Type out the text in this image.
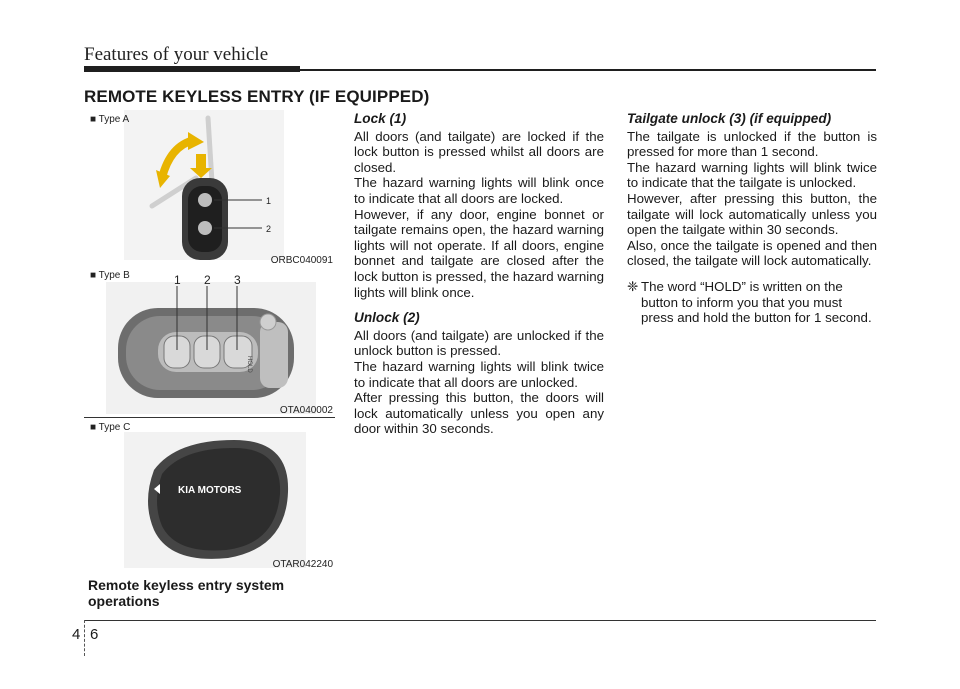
Features of your vehicle
REMOTE KEYLESS ENTRY (IF EQUIPPED)
1
2
■ Type A
ORBC040091
1 2 3
HOLD
■ Type B
OTA040002
KIA MOTORS
■ Type C
OTAR042240
Remote keyless entry system operations
Lock (1)
All doors (and tailgate) are locked if the lock button is pressed whilst all doors are closed.
The hazard warning lights will blink once to indicate that all doors are locked.
However, if any door, engine bonnet or tailgate remains open, the hazard warning lights will not operate. If all doors, engine bonnet and tailgate are closed after the lock button is pressed, the hazard warning lights will blink once.
Unlock (2)
All doors (and tailgate) are unlocked if the unlock button is pressed.
The hazard warning lights will blink twice to indicate that all doors are unlocked.
After pressing this button, the doors will lock automatically unless you open any door within 30 seconds.
Tailgate unlock (3) (if equipped)
The tailgate is unlocked if the button is pressed for more than 1 second.
The hazard warning lights will blink twice to indicate that the tailgate is unlocked.
However, after pressing this button, the tailgate will lock automatically unless you open the tailgate within 30 seconds.
Also, once the tailgate is opened and then closed, the tailgate will lock automatically.
❈ The word “HOLD” is written on the button to inform you that you must press and hold the button for 1 second.
4 6
